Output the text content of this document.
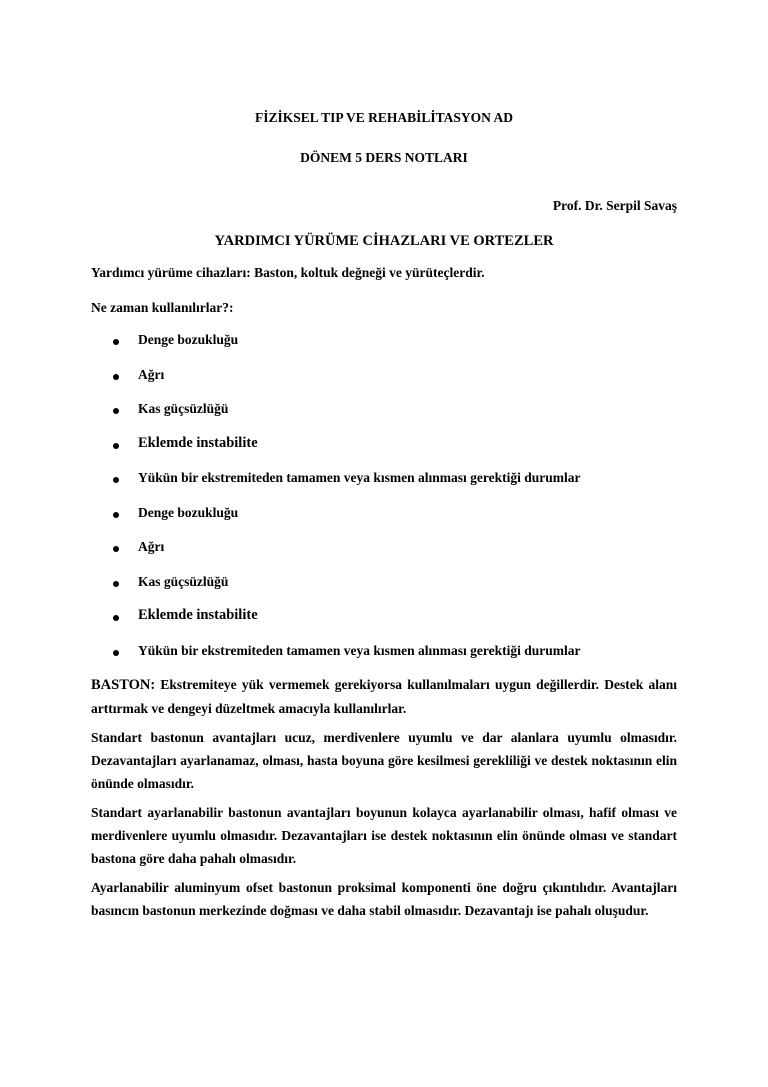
FİZİKSEL TIP VE REHABİLİTASYON AD
DÖNEM 5 DERS NOTLARI
Prof. Dr. Serpil Savaş
YARDIMCI YÜRÜME CİHAZLARI VE ORTEZLER
Yardımcı yürüme cihazları: Baston, koltuk değneği ve yürüteçlerdir.
Ne zaman kullanılırlar?:
Denge bozukluğu
Ağrı
Kas güçsüzlüğü
Eklemde instabilite
Yükün bir ekstremiteden tamamen veya kısmen alınması gerektiği durumlar
Denge bozukluğu
Ağrı
Kas güçsüzlüğü
Eklemde instabilite
Yükün bir ekstremiteden tamamen veya kısmen alınması gerektiği durumlar
BASTON: Ekstremiteye yük vermemek gerekiyorsa kullanılmaları uygun değillerdir. Destek alanı arttırmak ve dengeyi düzeltmek amacıyla kullanılırlar.
Standart bastonun avantajları ucuz, merdivenlere uyumlu ve dar alanlara uyumlu olmasıdır. Dezavantajları ayarlanamaz, olması, hasta boyuna göre kesilmesi gerekliliği ve destek noktasının elin önünde olmasıdır.
Standart ayarlanabilir bastonun avantajları boyunun kolayca ayarlanabilir olması, hafif olması ve merdivenlere uyumlu olmasıdır. Dezavantajları ise destek noktasının elin önünde olması ve standart bastona göre daha pahalı olmasıdır.
Ayarlanabilir aluminyum ofset bastonun proksimal komponenti öne doğru çıkıntılıdır. Avantajları basıncın bastonun merkezinde doğması ve daha stabil olmasıdır. Dezavantajı ise pahalı oluşudur.
